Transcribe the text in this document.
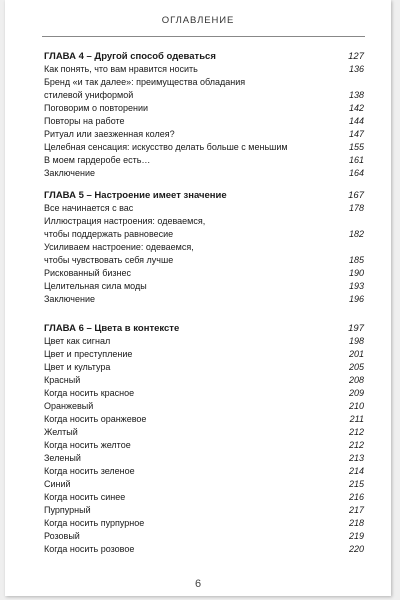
ОГЛАВЛЕНИЕ
ГЛАВА 4 – Другой способ одеваться	127
Как понять, что вам нравится носить	136
Бренд «и так далее»: преимущества обладания
стилевой униформой	138
Поговорим о повторении	142
Повторы на работе	144
Ритуал или заезженная колея?	147
Целебная сенсация: искусство делать больше с меньшим	155
В моем гардеробе есть…	161
Заключение	164
ГЛАВА 5 – Настроение имеет значение	167
Все начинается с вас	178
Иллюстрация настроения: одеваемся,
чтобы поддержать равновесие	182
Усиливаем настроение: одеваемся,
чтобы чувствовать себя лучше	185
Рискованный бизнес	190
Целительная сила моды	193
Заключение	196
ГЛАВА 6 – Цвета в контексте	197
Цвет как сигнал	198
Цвет и преступление	201
Цвет и культура	205
Красный	208
Когда носить красное	209
Оранжевый	210
Когда носить оранжевое	211
Желтый	212
Когда носить желтое	212
Зеленый	213
Когда носить зеленое	214
Синий	215
Когда носить синее	216
Пурпурный	217
Когда носить пурпурное	218
Розовый	219
Когда носить розовое	220
6
